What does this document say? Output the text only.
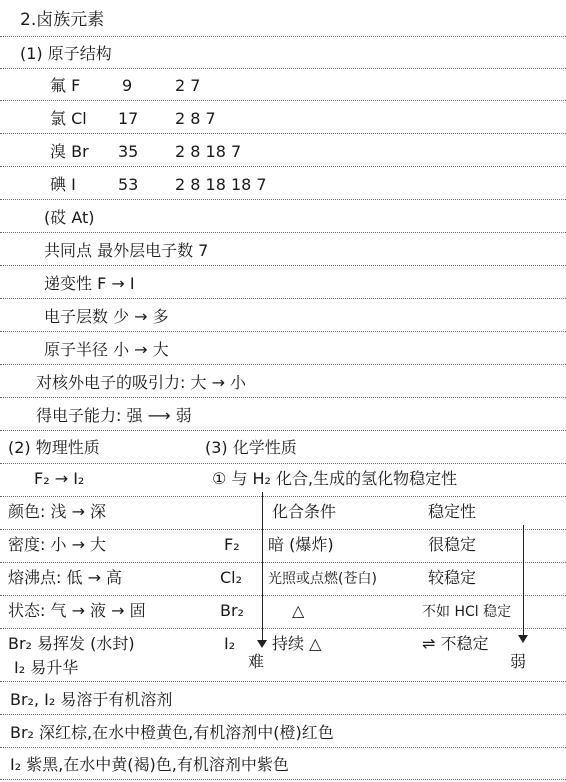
2.卤族元素
(1) 原子结构
氟 F	9	2 7
氯 Cl 17 2 8 7
溴 Br 35 2 8 18 7
碘 I	53 2 8 18 18 7
(砹 At)
共同点 最外层电子数 7
递变性 F → I
电子层数 少 → 多
原子半径 小 → 大
对核外电子的吸引力: 大 → 小
得电子能力: 强 ⟶ 弱
(2) 物理性质	(3) 化学性质
F₂ → I₂	① 与 H₂ 化合,生成的氢化物稳定性
颜色: 浅 → 深
密度: 小 → 大
熔沸点: 低 → 高
状态: 气 → 液 → 固
Br₂ 易挥发 (水封)
I₂ 易升华
化合条件	稳定性
F₂ 暗 (爆炸)	很稳定
Cl₂ 光照或点燃(苍白)	较稳定
Br₂	△	不如 HCl 稳定
I₂ 持续 △	⇌ 不稳定
难	弱
Br₂, I₂ 易溶于有机溶剂
Br₂ 深红棕,在水中橙黄色,有机溶剂中(橙)红色
I₂ 紫黑,在水中黄(褐)色,有机溶剂中紫色
